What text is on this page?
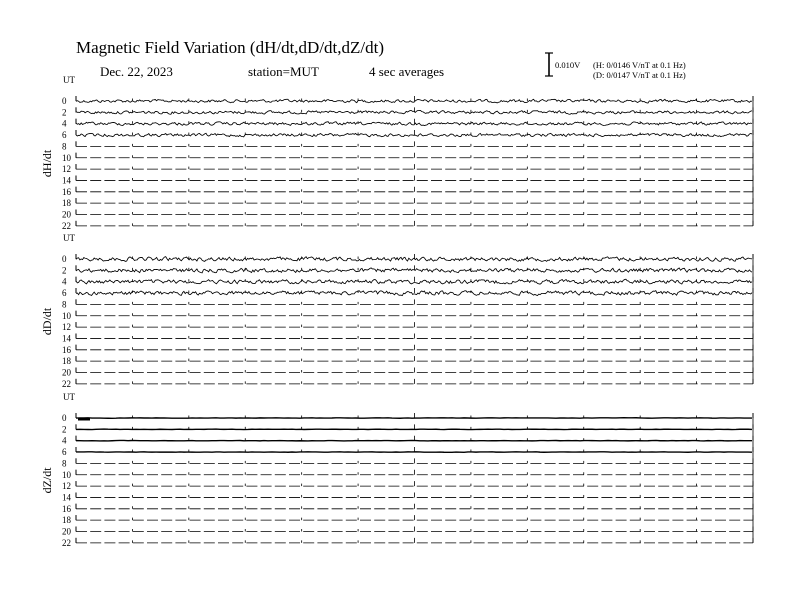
Magnetic Field Variation (dH/dt,dD/dt,dZ/dt)
Dec. 22, 2023	station=MUT	4 sec averages	0.010V (H: 0/0146 V/nT at 0.1 Hz)
(D: 0/0147 V/nT at 0.1 Hz)
UT
dH/dt
0
2
4
6
8
10
12
14
16
18
20
22
UT
dD/dt
0
2
4
6
8
10
12
14
16
18
20
22
UT
dZ/dt
0
2
4
6
8
10
12
14
16
18
20
22
